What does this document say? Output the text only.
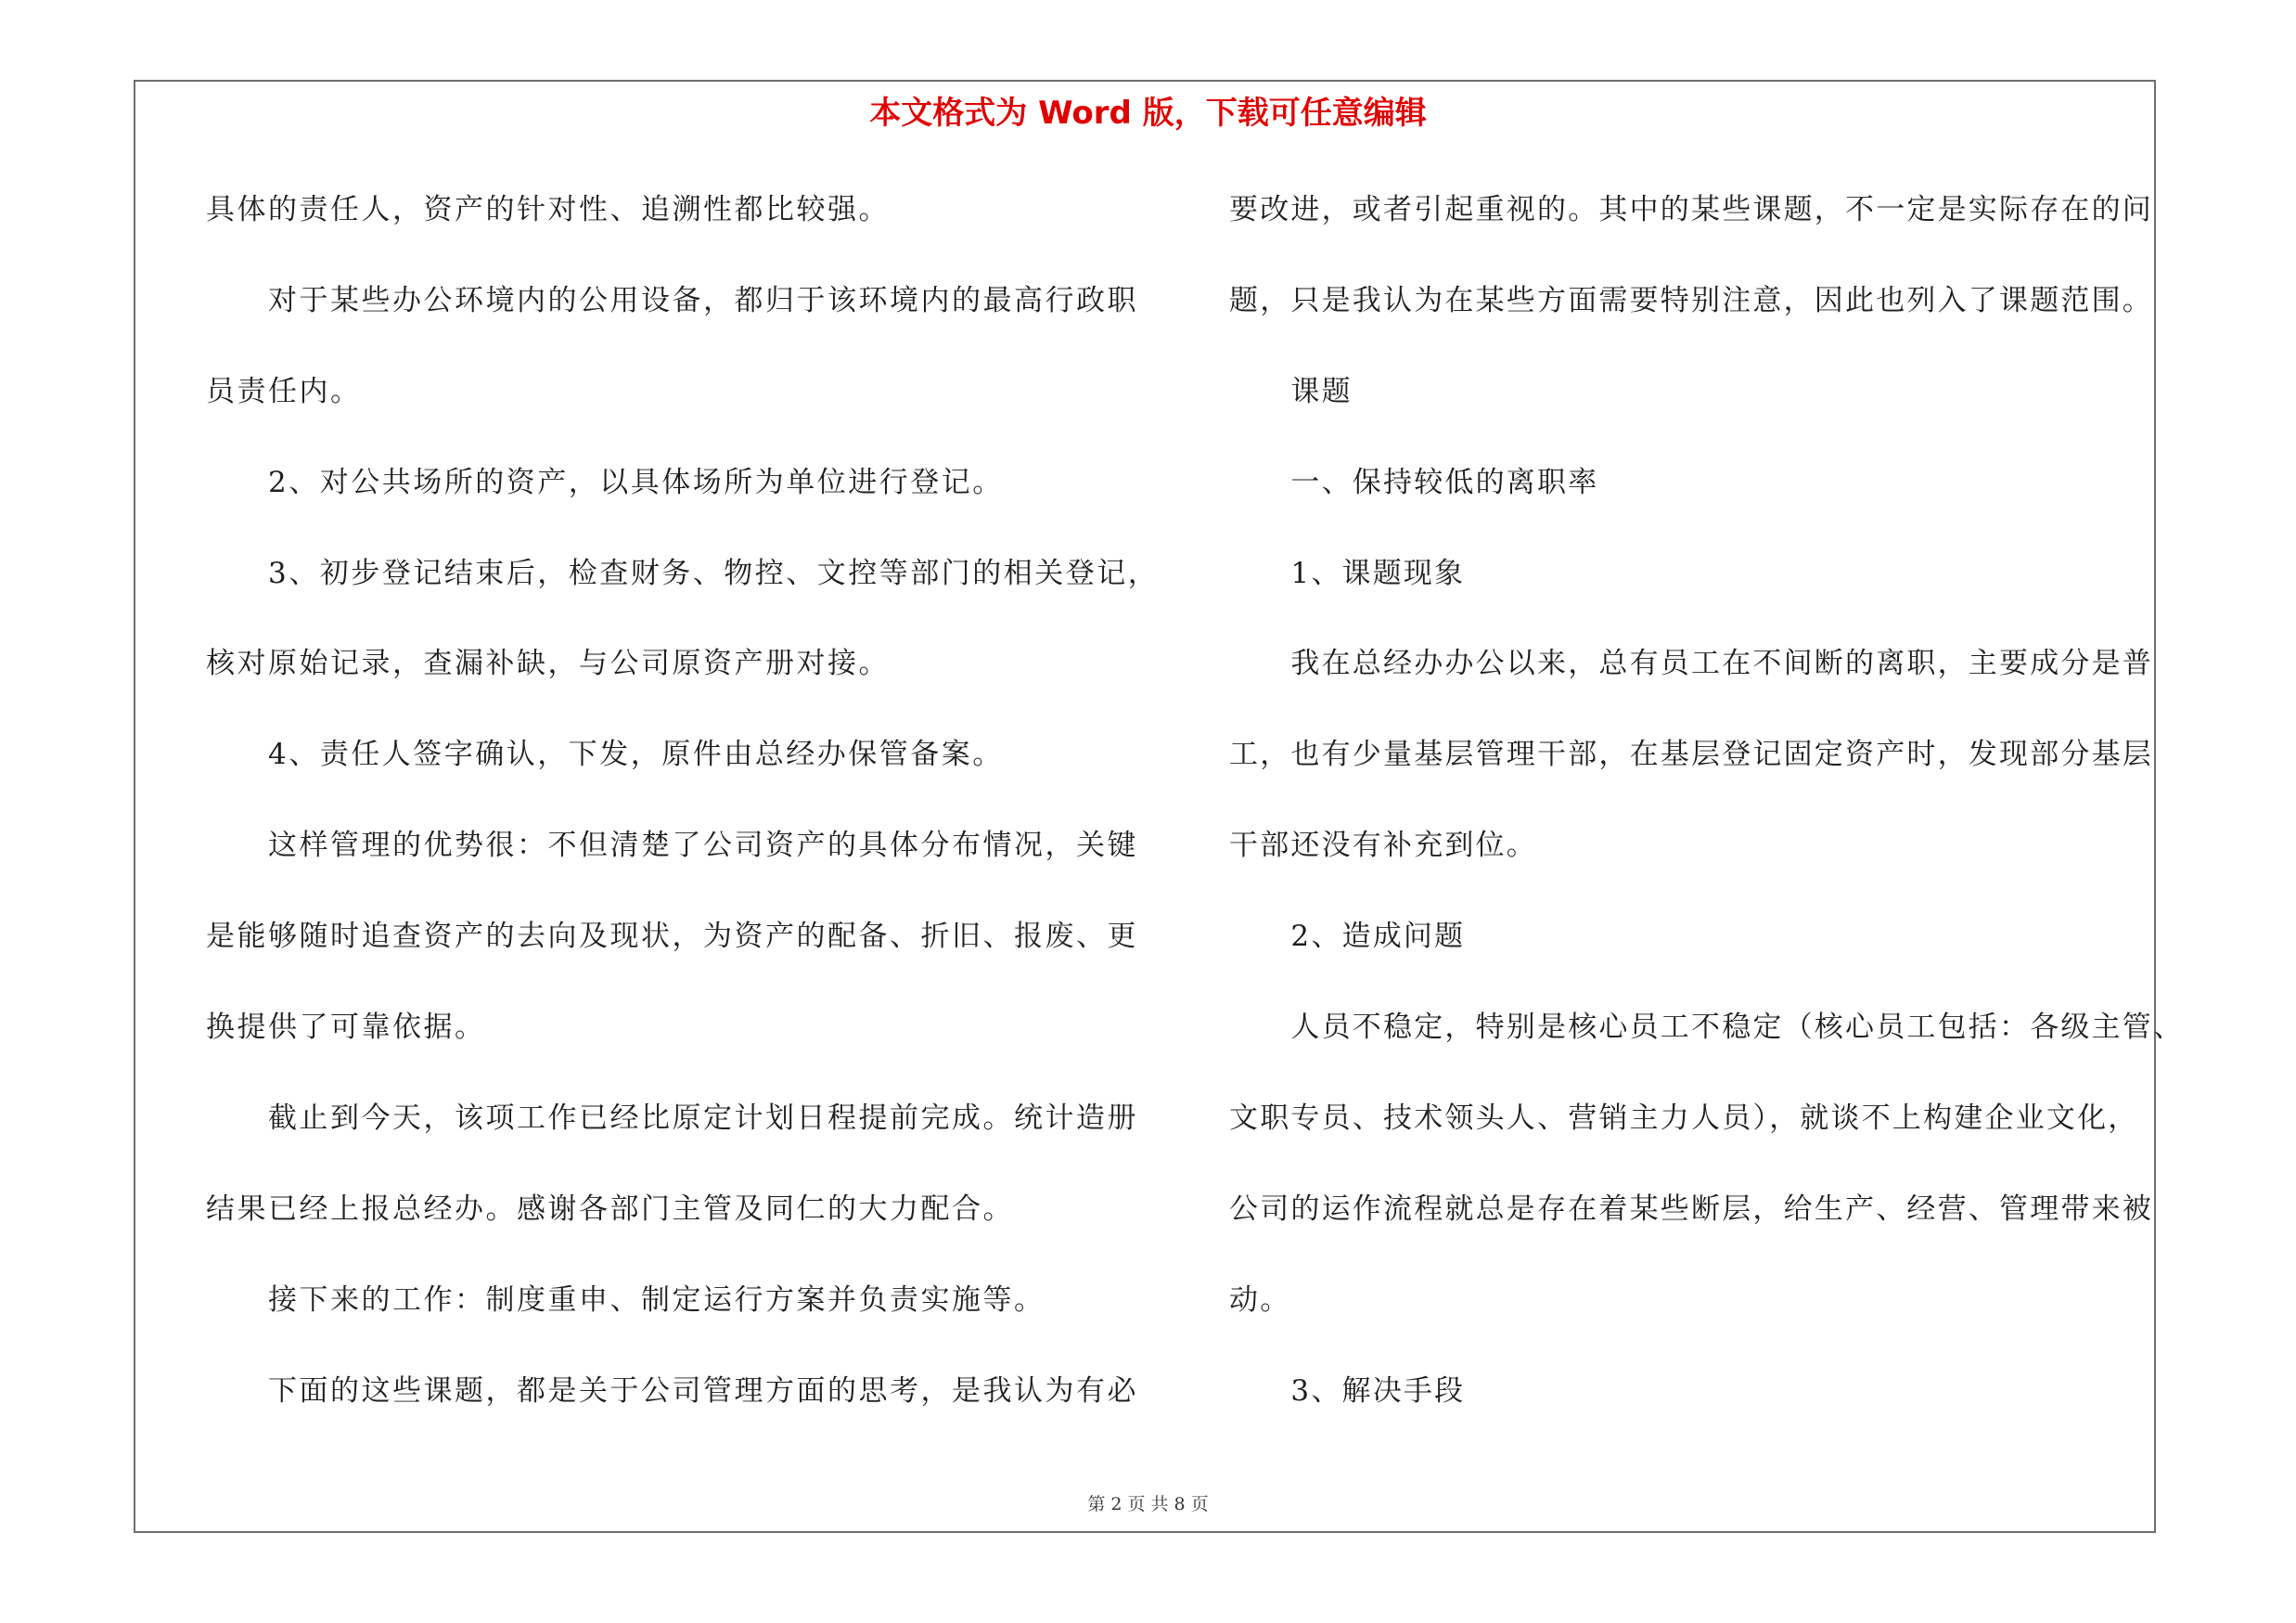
本文格式为 Word 版，下载可任意编辑
具体的责任人，资产的针对性、追溯性都比较强。
　　对于某些办公环境内的公用设备，都归于该环境内的最高行政职
员责任内。
　　2、对公共场所的资产，以具体场所为单位进行登记。
　　3、初步登记结束后，检查财务、物控、文控等部门的相关登记，
核对原始记录，查漏补缺，与公司原资产册对接。
　　4、责任人签字确认，下发，原件由总经办保管备案。
　　这样管理的优势很：不但清楚了公司资产的具体分布情况，关键
是能够随时追查资产的去向及现状，为资产的配备、折旧、报废、更
换提供了可靠依据。
　　截止到今天，该项工作已经比原定计划日程提前完成。统计造册
结果已经上报总经办。感谢各部门主管及同仁的大力配合。
　　接下来的工作：制度重申、制定运行方案并负责实施等。
　　下面的这些课题，都是关于公司管理方面的思考，是我认为有必
要改进，或者引起重视的。其中的某些课题，不一定是实际存在的问
题，只是我认为在某些方面需要特别注意，因此也列入了课题范围。
　　课题
　　一、保持较低的离职率
　　1、课题现象
　　我在总经办办公以来，总有员工在不间断的离职，主要成分是普
工，也有少量基层管理干部，在基层登记固定资产时，发现部分基层
干部还没有补充到位。
　　2、造成问题
　　人员不稳定，特别是核心员工不稳定（核心员工包括：各级主管、
文职专员、技术领头人、营销主力人员），就谈不上构建企业文化，
公司的运作流程就总是存在着某些断层，给生产、经营、管理带来被
动。
　　3、解决手段
第 2 页 共 8 页
